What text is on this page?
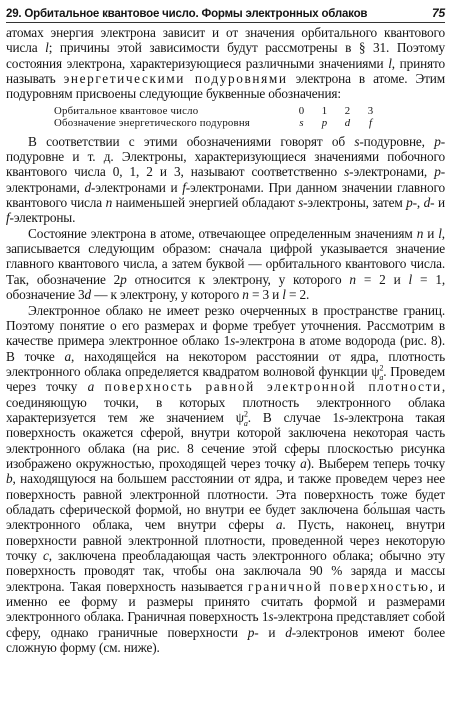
29. Орбитальное квантовое число. Формы электронных облаков	75

атомах энергия электрона зависит и от значения орбитального квантового числа l; причины этой зависимости будут рассмотрены в § 31. Поэтому состояния электрона, характеризующиеся различными значениями l, принято называть энергетическими подуровнями электрона в атоме. Этим подуровням присвоены следующие буквенные обозначения:

Орбитальное квантовое число	0	1	2	3
Обозначение энергетического подуровня	s	p	d	f

В соответствии с этими обозначениями говорят об s-подуровне, p-подуровне и т. д. Электроны, характеризующиеся значениями побочного квантового числа 0, 1, 2 и 3, называют соответственно s-электронами, p-электронами, d-электронами и f-электронами. При данном значении главного квантового числа n наименьшей энергией обладают s-электроны, затем p-, d- и f-электроны.

Состояние электрона в атоме, отвечающее определенным значениям n и l, записывается следующим образом: сначала цифрой указывается значение главного квантового числа, а затем буквой — орбитального квантового числа. Так, обозначение 2p относится к электрону, у которого n = 2 и l = 1, обозначение 3d — к электрону, у которого n = 3 и l = 2.

Электронное облако не имеет резко очерченных в пространстве границ. Поэтому понятие о его размерах и форме требует уточнения. Рассмотрим в качестве примера электронное облако 1s-электрона в атоме водорода (рис. 8). В точке a, находящейся на некотором расстоянии от ядра, плотность электронного облака определяется квадратом волновой функции $\psi^2_a$. Проведем через точку a поверхность равной электронной плотности, соединяющую точки, в которых плотность электронного облака характеризуется тем же значением $\psi^2_a$. В случае 1s-электрона такая поверхность окажется сферой, внутри которой заключена некоторая часть электронного облака (на рис. 8 сечение этой сферы плоскостью рисунка изображено окружностью, проходящей через точку a). Выберем теперь точку b, находящуюся на большем расстоянии от ядра, и также проведем через нее поверхность равной электронной плотности. Эта поверхность тоже будет обладать сферической формой, но внутри ее будет заключена бо́льшая часть электронного облака, чем внутри сферы a. Пусть, наконец, внутри поверхности равной электронной плотности, проведенной через некоторую точку c, заключена преобладающая часть электронного облака; обычно эту поверхность проводят так, чтобы она заключала 90 % заряда и массы электрона. Такая поверхность называется граничной поверхностью, и именно ее форму и размеры принято считать формой и размерами электронного облака. Граничная поверхность 1s-электрона представляет собой сферу, однако граничные поверхности p- и d-электронов имеют более сложную форму (см. ниже).
